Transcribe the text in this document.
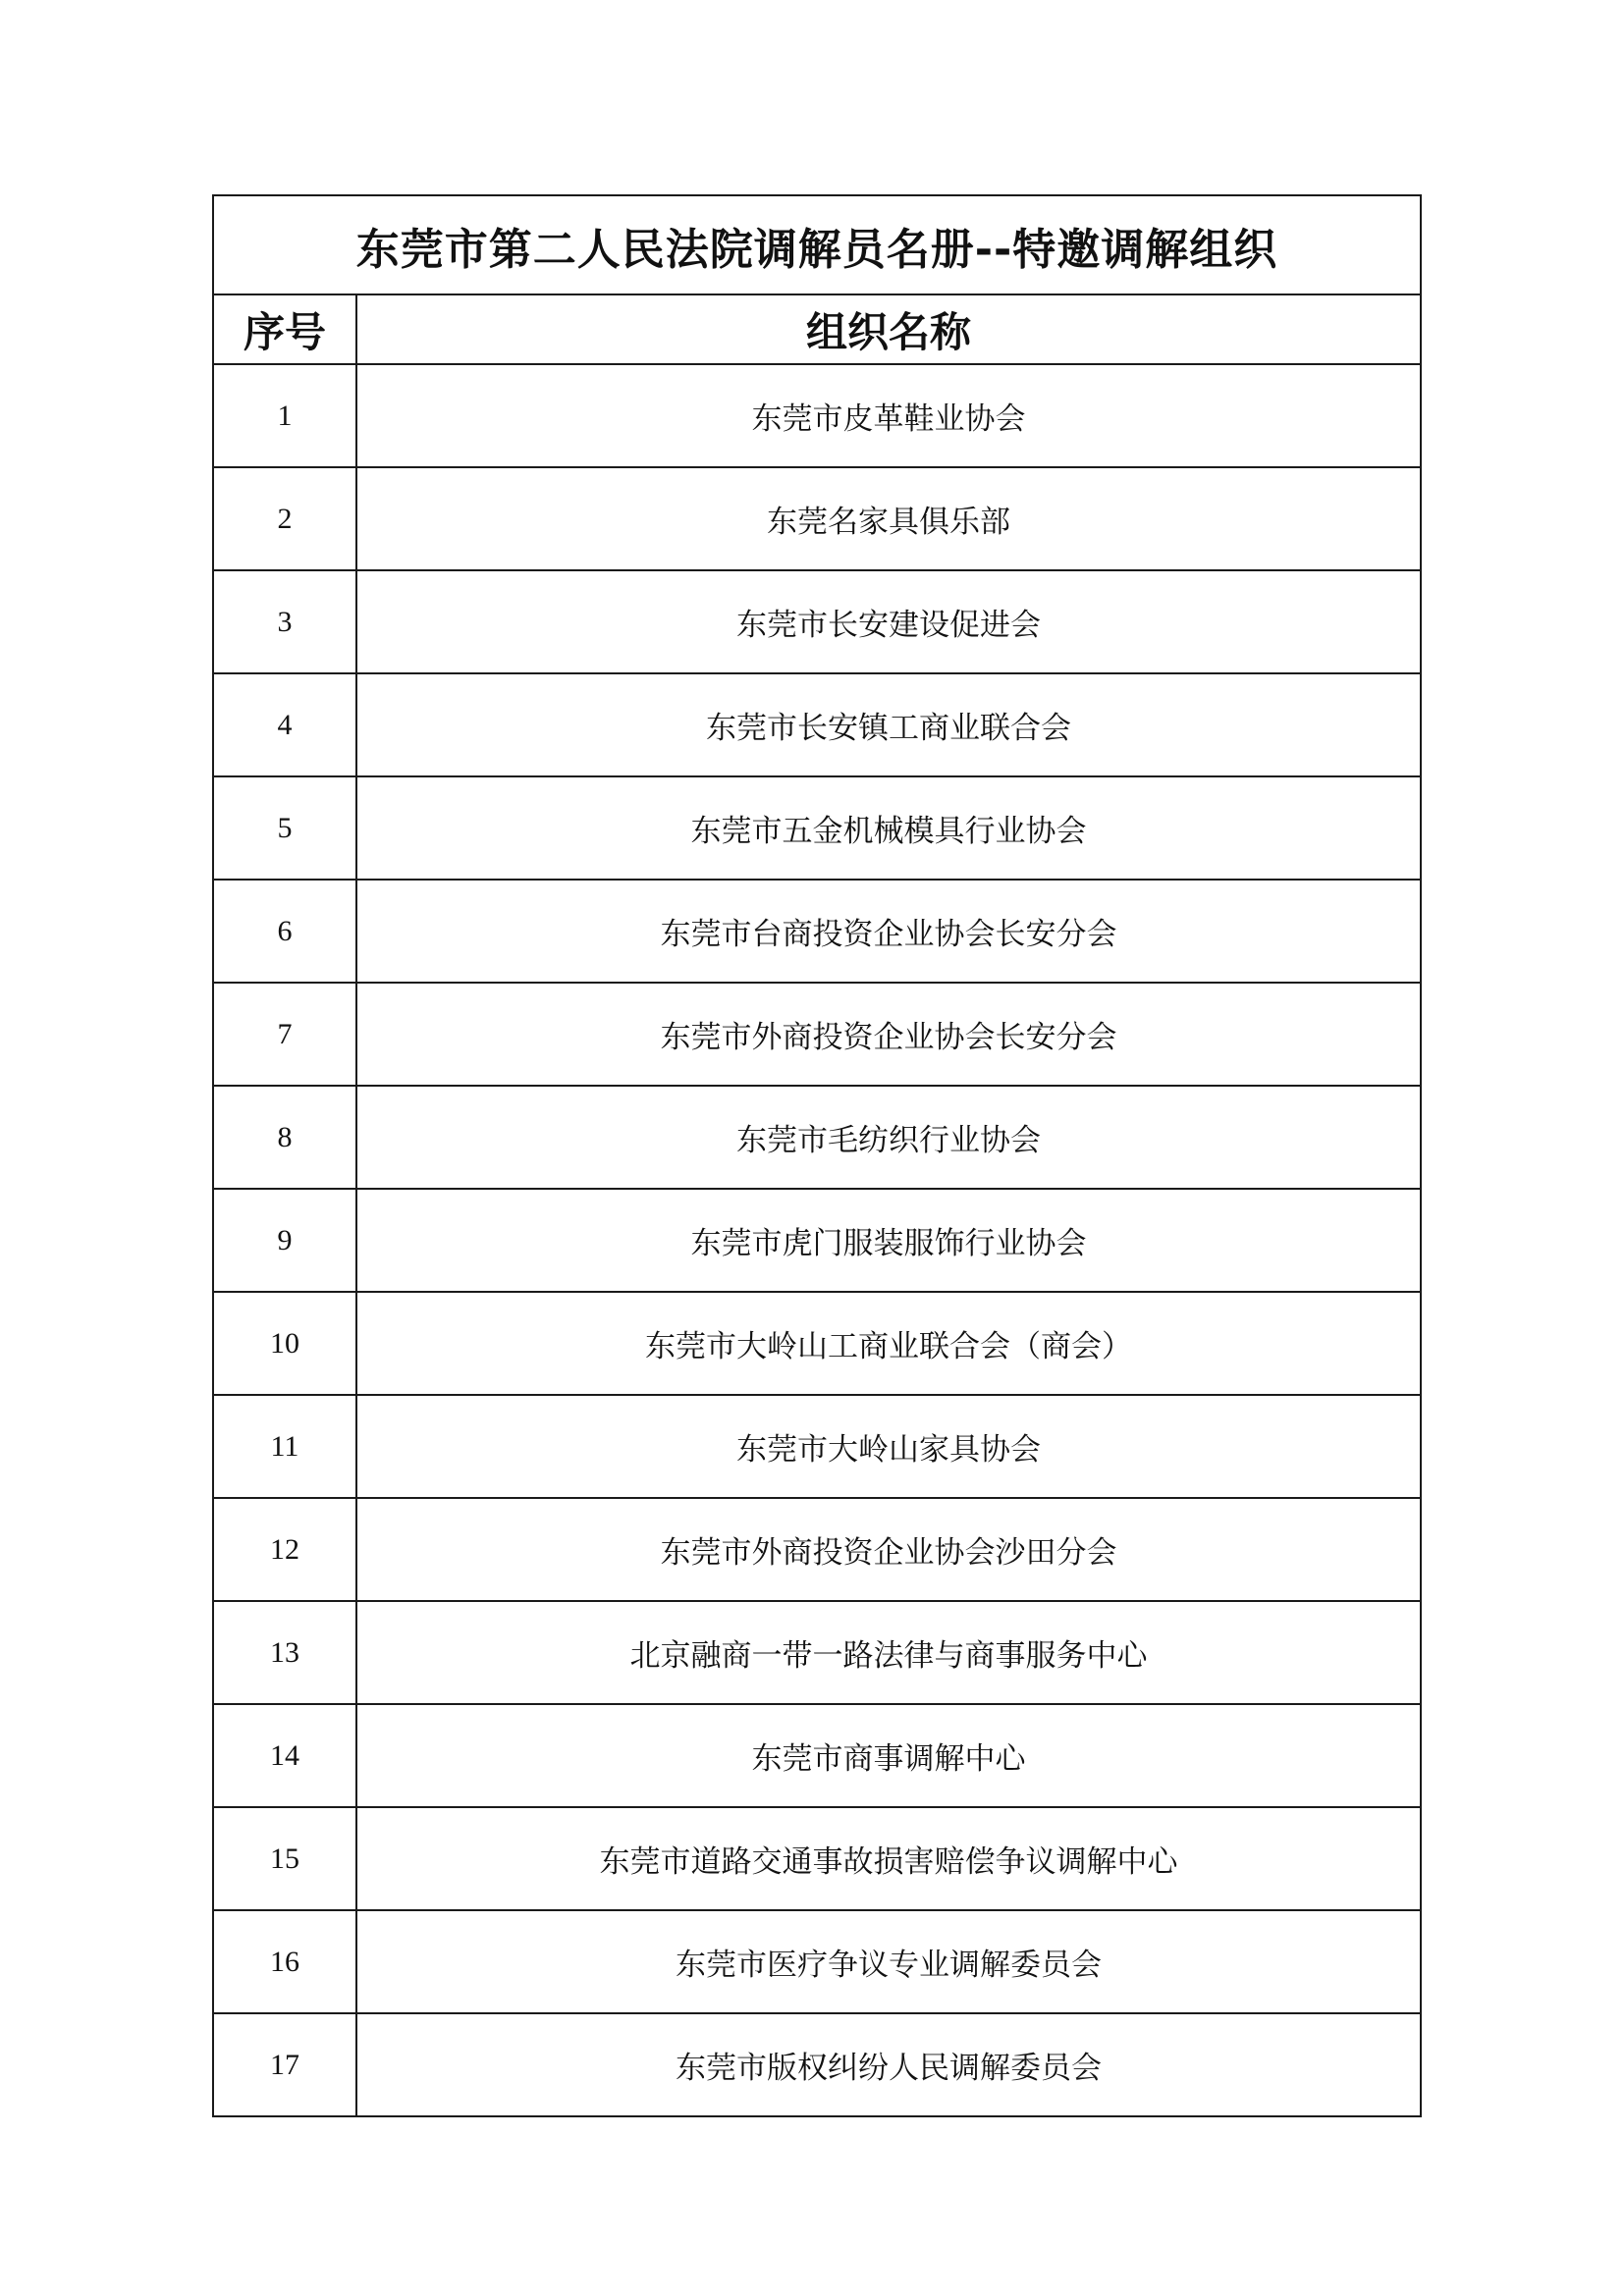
东莞市第二人民法院调解员名册--特邀调解组织	
序号	组织名称
1	东莞市皮革鞋业协会
2	东莞名家具俱乐部
3	东莞市长安建设促进会
4	东莞市长安镇工商业联合会
5	东莞市五金机械模具行业协会
6	东莞市台商投资企业协会长安分会
7	东莞市外商投资企业协会长安分会
8	东莞市毛纺织行业协会
9	东莞市虎门服装服饰行业协会
10	东莞市大岭山工商业联合会（商会）
11	东莞市大岭山家具协会
12	东莞市外商投资企业协会沙田分会
13	北京融商一带一路法律与商事服务中心
14	东莞市商事调解中心
15	东莞市道路交通事故损害赔偿争议调解中心
16	东莞市医疗争议专业调解委员会
17	东莞市版权纠纷人民调解委员会
